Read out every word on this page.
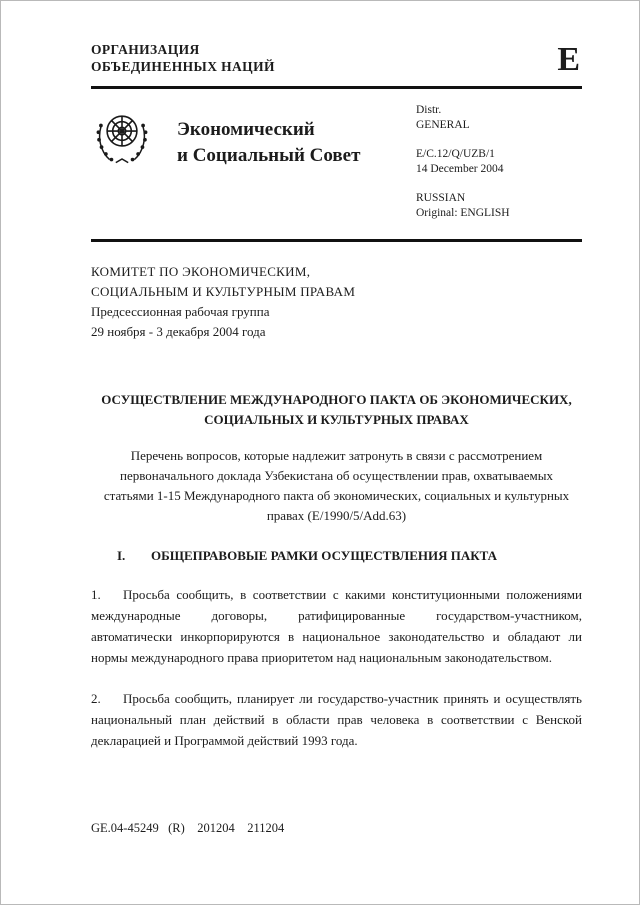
ОРГАНИЗАЦИЯ
ОБЪЕДИНЕННЫХ НАЦИЙ	E
Экономический
и Социальный Совет
Distr.
GENERAL
E/C.12/Q/UZB/1
14 December 2004
RUSSIAN
Original: ENGLISH
КОМИТЕТ ПО ЭКОНОМИЧЕСКИМ,
СОЦИАЛЬНЫМ И КУЛЬТУРНЫМ ПРАВАМ
Предсессионная рабочая группа
29 ноября - 3 декабря 2004 года
ОСУЩЕСТВЛЕНИЕ МЕЖДУНАРОДНОГО ПАКТА ОБ ЭКОНОМИЧЕСКИХ,
СОЦИАЛЬНЫХ И КУЛЬТУРНЫХ ПРАВАХ
Перечень вопросов, которые надлежит затронуть в связи с рассмотрением первоначального доклада Узбекистана об осуществлении прав, охватываемых статьями 1-15 Международного пакта об экономических, социальных и культурных правах (E/1990/5/Add.63)
I. ОБЩЕПРАВОВЫЕ РАМКИ ОСУЩЕСТВЛЕНИЯ ПАКТА

1. Просьба сообщить, в соответствии с какими конституционными положениями международные договоры, ратифицированные государством-участником, автоматически инкорпорируются в национальное законодательство и обладают ли нормы международного права приоритетом над национальным законодательством.

2. Просьба сообщить, планирует ли государство-участник принять и осуществлять национальный план действий в области прав человека в соответствии с Венской декларацией и Программой действий 1993 года.

GE.04-45249   (R)    201204    211204
